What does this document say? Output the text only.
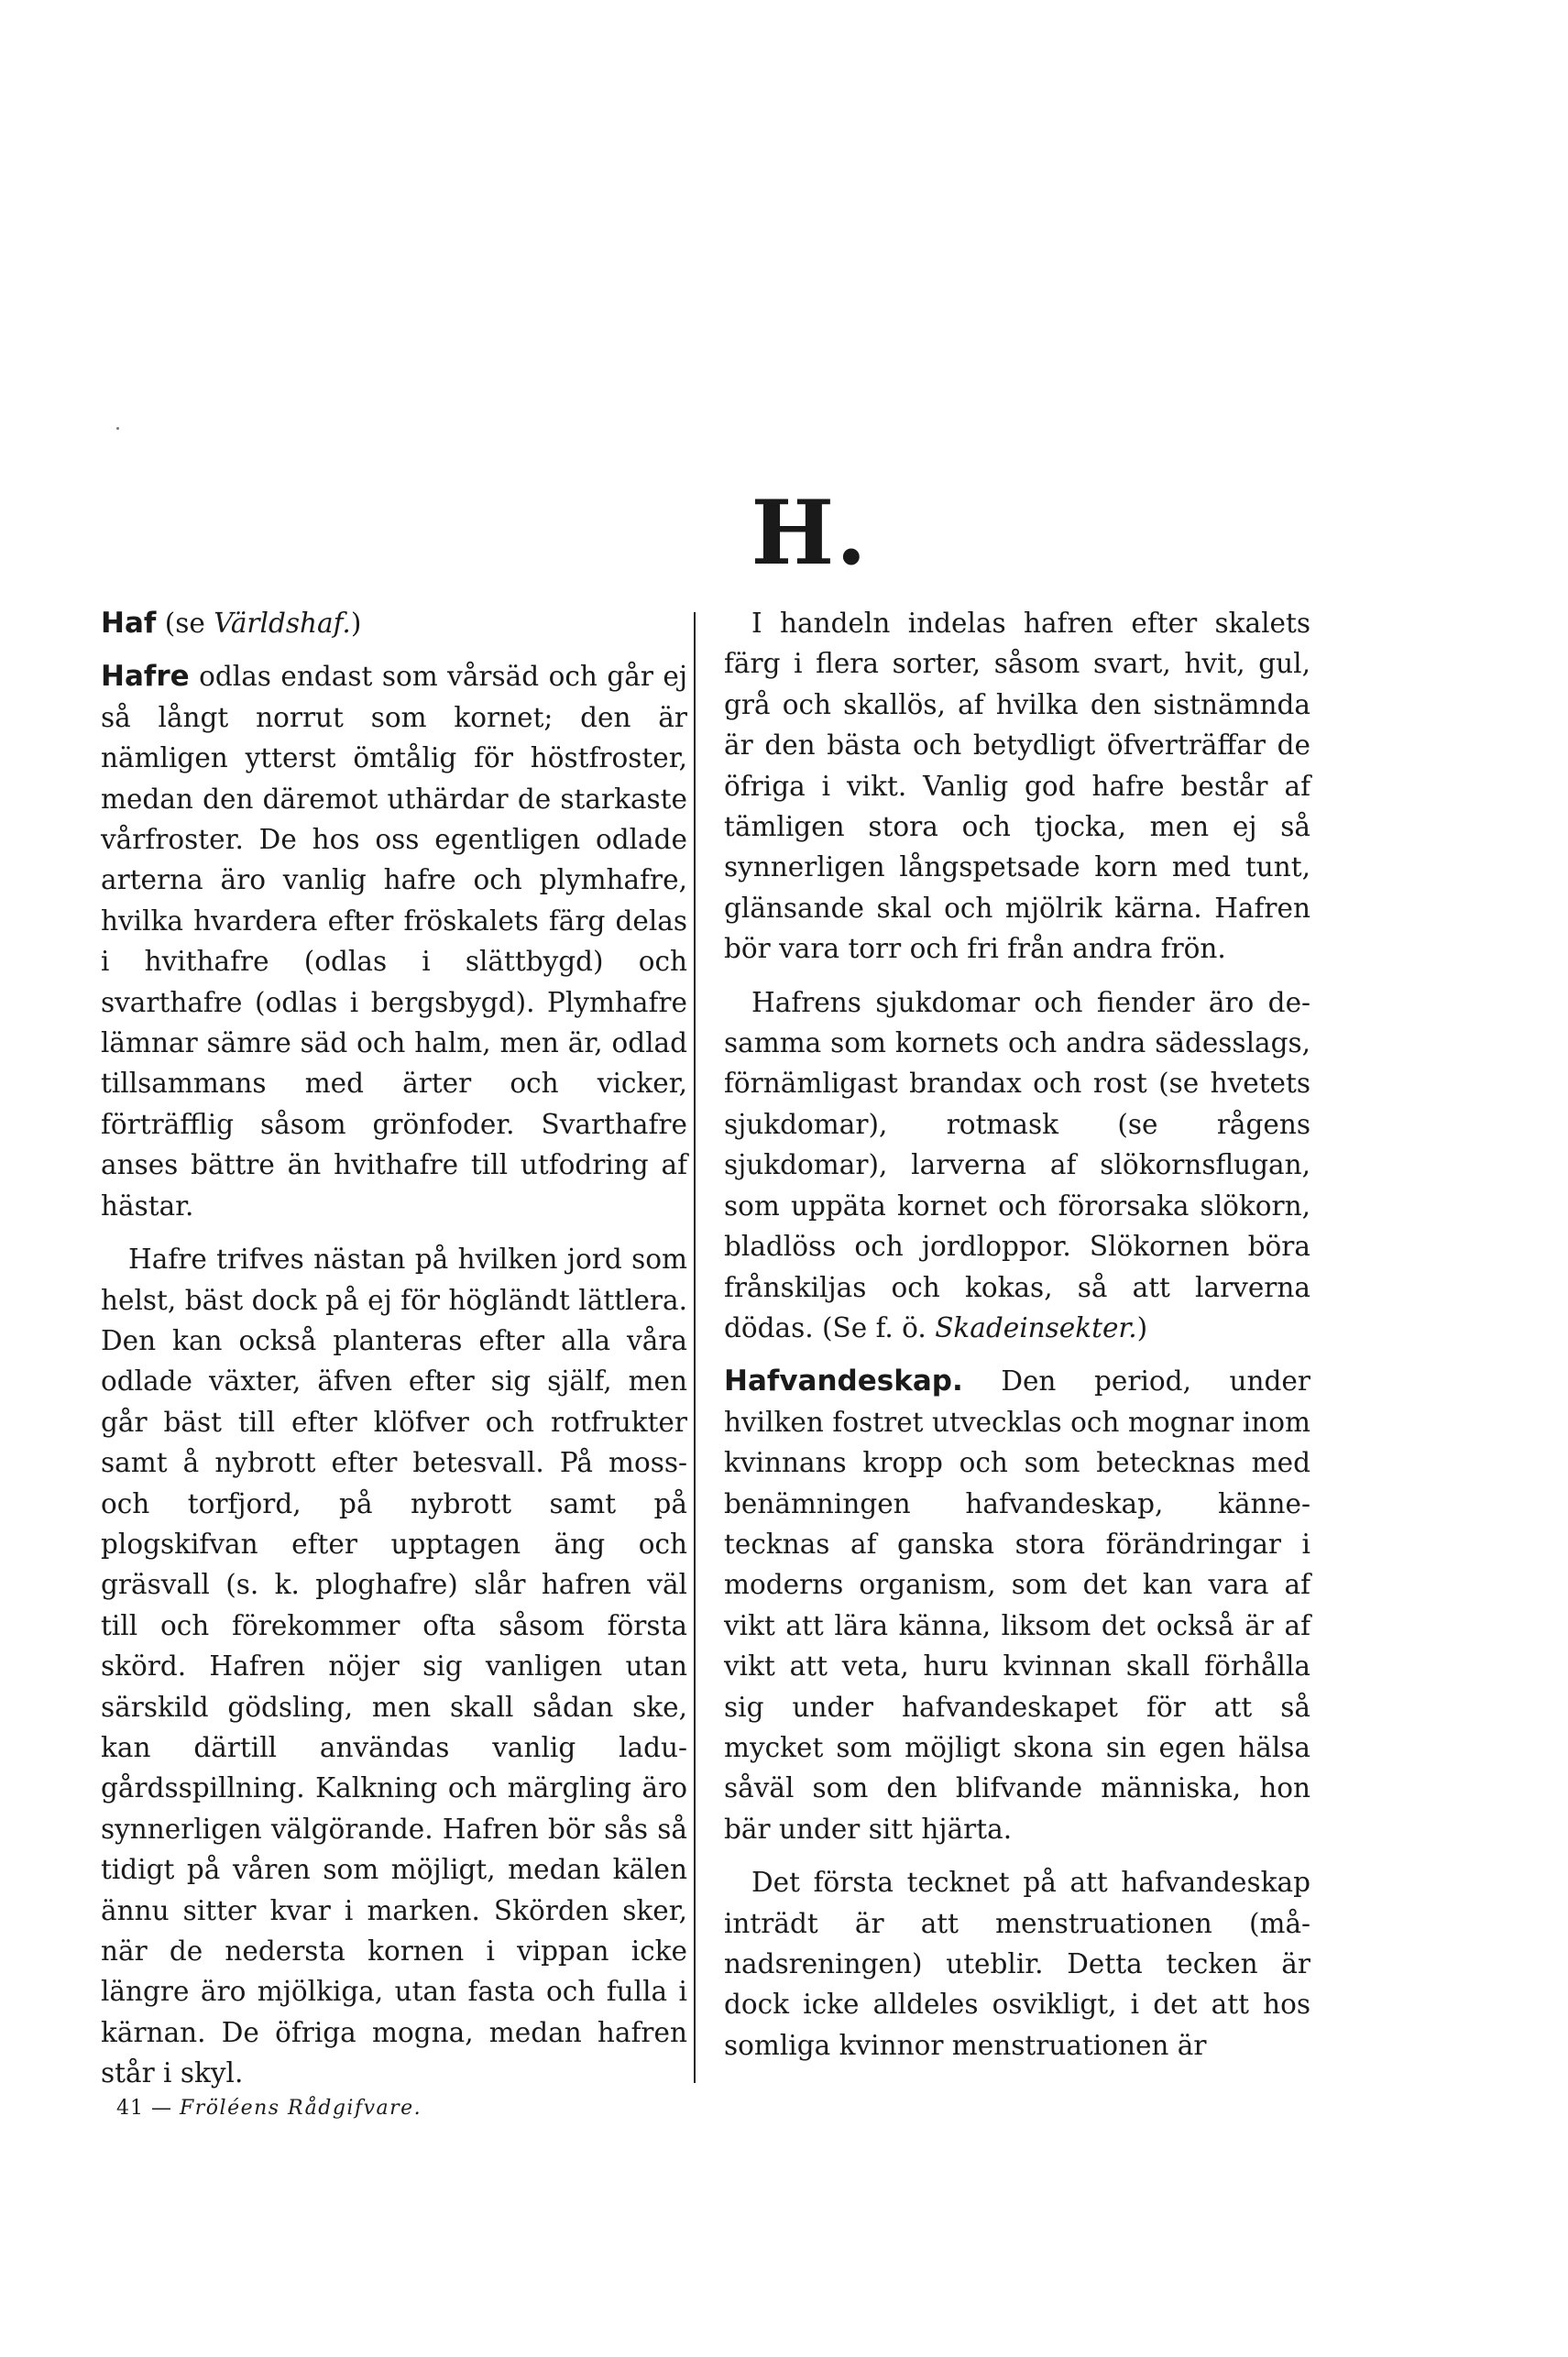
H.

Haf (se Världshaf.)

Hafre odlas endast som vårsäd och går ej så långt norrut som kornet; den är nämligen ytterst ömtålig för höstfroster, medan den däremot uthärdar de starkaste vårfroster. De hos oss egentligen odlade arterna äro vanlig hafre och plymhafre, hvilka hvardera efter fröskalets färg delas i hvithafre (odlas i slättbygd) och svarthafre (odlas i bergsbygd). Plymhafre lämnar sämre säd och halm, men är, odlad tillsammans med ärter och vicker, förträfflig såsom grönfoder. Svarthafre anses bättre än hvithafre till utfodring af hästar.

Hafre trifves nästan på hvilken jord som helst, bäst dock på ej för högländt lättlera. Den kan också planteras efter alla våra odlade växter, äfven efter sig själf, men går bäst till efter klöfver och rotfrukter samt å nybrott efter betesvall. På moss- och torfjord, på nybrott samt på plogskifvan efter upptagen äng och gräsvall (s. k. ploghafre) slår hafren väl till och förekommer ofta såsom första skörd. Hafren nöjer sig vanligen utan särskild gödsling, men skall sådan ske, kan därtill användas vanlig ladugårdsspillning. Kalkning och märgling äro synnerligen välgörande. Hafren bör sås så tidigt på våren som möjligt, medan kälen ännu sitter kvar i marken. Skörden sker, när de nedersta kornen i vippan icke längre äro mjölkiga, utan fasta och fulla i kärnan. De öfriga mogna, medan hafren står i skyl.

I handeln indelas hafren efter skalets färg i flera sorter, såsom svart, hvit, gul, grå och skallös, af hvilka den sistnämnda är den bästa och betydligt öfverträffar de öfriga i vikt. Vanlig god hafre består af tämligen stora och tjocka, men ej så synnerligen långspetsade korn med tunt, glänsande skal och mjölrik kärna. Hafren bör vara torr och fri från andra frön.

Hafrens sjukdomar och fiender äro desamma som kornets och andra sädesslags, förnämligast brandax och rost (se hvetets sjukdomar), rotmask (se rågens sjukdomar), larverna af slökornsflugan, som uppäta kornet och förorsaka slökorn, bladlöss och jordloppor. Slökornen böra frånskiljas och kokas, så att larverna dödas. (Se f. ö. Skadeinsekter.)

Hafvandeskap. Den period, under hvilken fostret utvecklas och mognar inom kvinnans kropp och som betecknas med benämningen hafvandeskap, kännetecknas af ganska stora förändringar i moderns organism, som det kan vara af vikt att lära känna, liksom det också är af vikt att veta, huru kvinnan skall förhålla sig under hafvandeskapet för att så mycket som möjligt skona sin egen hälsa såväl som den blifvande människa, hon bär under sitt hjärta.

Det första tecknet på att hafvandeskap inträdt är att menstruationen (månadsreningen) uteblir. Detta tecken är dock icke alldeles osvikligt, i det att hos somliga kvinnor menstruationen är

41 — Fröléens Rådgifvare.
